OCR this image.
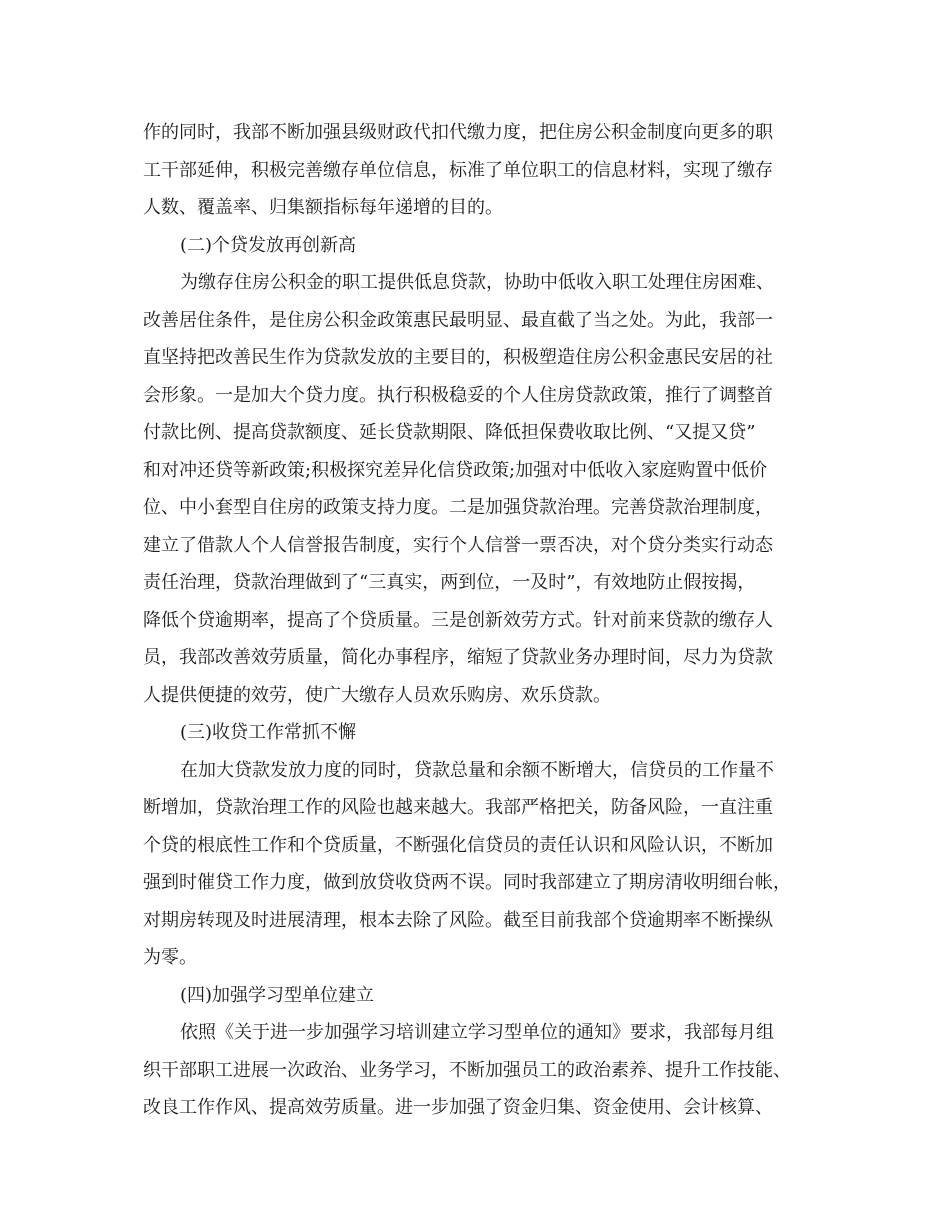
作的同时，我部不断加强县级财政代扣代缴力度，把住房公积金制度向更多的职
工干部延伸，积极完善缴存单位信息，标准了单位职工的信息材料，实现了缴存
人数、覆盖率、归集额指标每年递增的目的。
(二)个贷发放再创新高
为缴存住房公积金的职工提供低息贷款，协助中低收入职工处理住房困难、
改善居住条件，是住房公积金政策惠民最明显、最直截了当之处。为此，我部一
直坚持把改善民生作为贷款发放的主要目的，积极塑造住房公积金惠民安居的社
会形象。一是加大个贷力度。执行积极稳妥的个人住房贷款政策，推行了调整首
付款比例、提高贷款额度、延长贷款期限、降低担保费收取比例、“又提又贷”
和对冲还贷等新政策;积极探究差异化信贷政策;加强对中低收入家庭购置中低价
位、中小套型自住房的政策支持力度。二是加强贷款治理。完善贷款治理制度，
建立了借款人个人信誉报告制度，实行个人信誉一票否决，对个贷分类实行动态
责任治理，贷款治理做到了“三真实，两到位，一及时”，有效地防止假按揭，
降低个贷逾期率，提高了个贷质量。三是创新效劳方式。针对前来贷款的缴存人
员，我部改善效劳质量，简化办事程序，缩短了贷款业务办理时间，尽力为贷款
人提供便捷的效劳，使广大缴存人员欢乐购房、欢乐贷款。
(三)收贷工作常抓不懈
在加大贷款发放力度的同时，贷款总量和余额不断增大，信贷员的工作量不
断增加，贷款治理工作的风险也越来越大。我部严格把关，防备风险，一直注重
个贷的根底性工作和个贷质量，不断强化信贷员的责任认识和风险认识，不断加
强到时催贷工作力度，做到放贷收贷两不误。同时我部建立了期房清收明细台帐，
对期房转现及时进展清理，根本去除了风险。截至目前我部个贷逾期率不断操纵
为零。
(四)加强学习型单位建立
依照《关于进一步加强学习培训建立学习型单位的通知》要求，我部每月组
织干部职工进展一次政治、业务学习，不断加强员工的政治素养、提升工作技能、
改良工作作风、提高效劳质量。进一步加强了资金归集、资金使用、会计核算、
